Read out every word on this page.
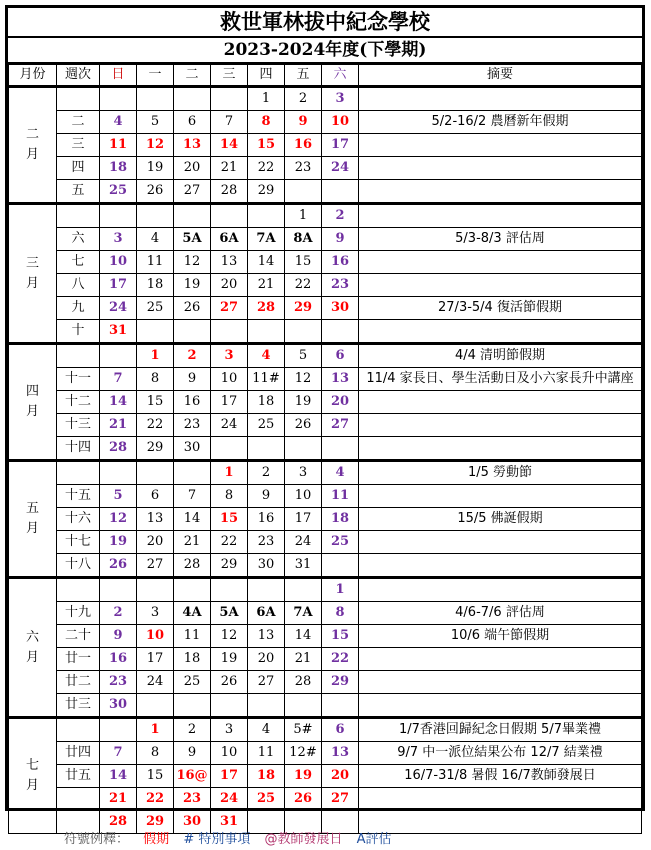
救世軍林拔中紀念學校
2023-2024年度(下學期)
月份	週次	日	一	二	三	四	五	六	摘要
二
月						1	2	3	
	二	4	5	6	7	8	9	10	5/2-16/2 農曆新年假期
	三	11	12	13	14	15	16	17	
	四	18	19	20	21	22	23	24	
	五	25	26	27	28	29			
三
月							1	2	
	六	3	4	5A	6A	7A	8A	9	5/3-8/3 評估周
	七	10	11	12	13	14	15	16	
	八	17	18	19	20	21	22	23	
	九	24	25	26	27	28	29	30	27/3-5/4 復活節假期
	十	31							
四
月			1	2	3	4	5	6	4/4 清明節假期
	十一	7	8	9	10	11#	12	13	11/4 家長日、學生活動日及小六家長升中講座
	十二	14	15	16	17	18	19	20	
	十三	21	22	23	24	25	26	27	
	十四	28	29	30					
五
月					1	2	3	4	1/5 勞動節
	十五	5	6	7	8	9	10	11	
	十六	12	13	14	15	16	17	18	15/5 佛誕假期
	十七	19	20	21	22	23	24	25	
	十八	26	27	28	29	30	31		
六
月								1	
	十九	2	3	4A	5A	6A	7A	8	4/6-7/6 評估周
	二十	9	10	11	12	13	14	15	10/6 端午節假期
	廿一	16	17	18	19	20	21	22	
	廿二	23	24	25	26	27	28	29	
	廿三	30							
七
月			1	2	3	4	5#	6	1/7香港回歸紀念日假期 5/7畢業禮
	廿四	7	8	9	10	11	12#	13	9/7 中一派位結果公布 12/7 結業禮
	廿五	14	15	16@	17	18	19	20	16/7-31/8 暑假 16/7教師發展日
		21	22	23	24	25	26	27	
		28	29	30	31				
符號例釋： 假期 # 特別事項 @教師發展日 A評估
